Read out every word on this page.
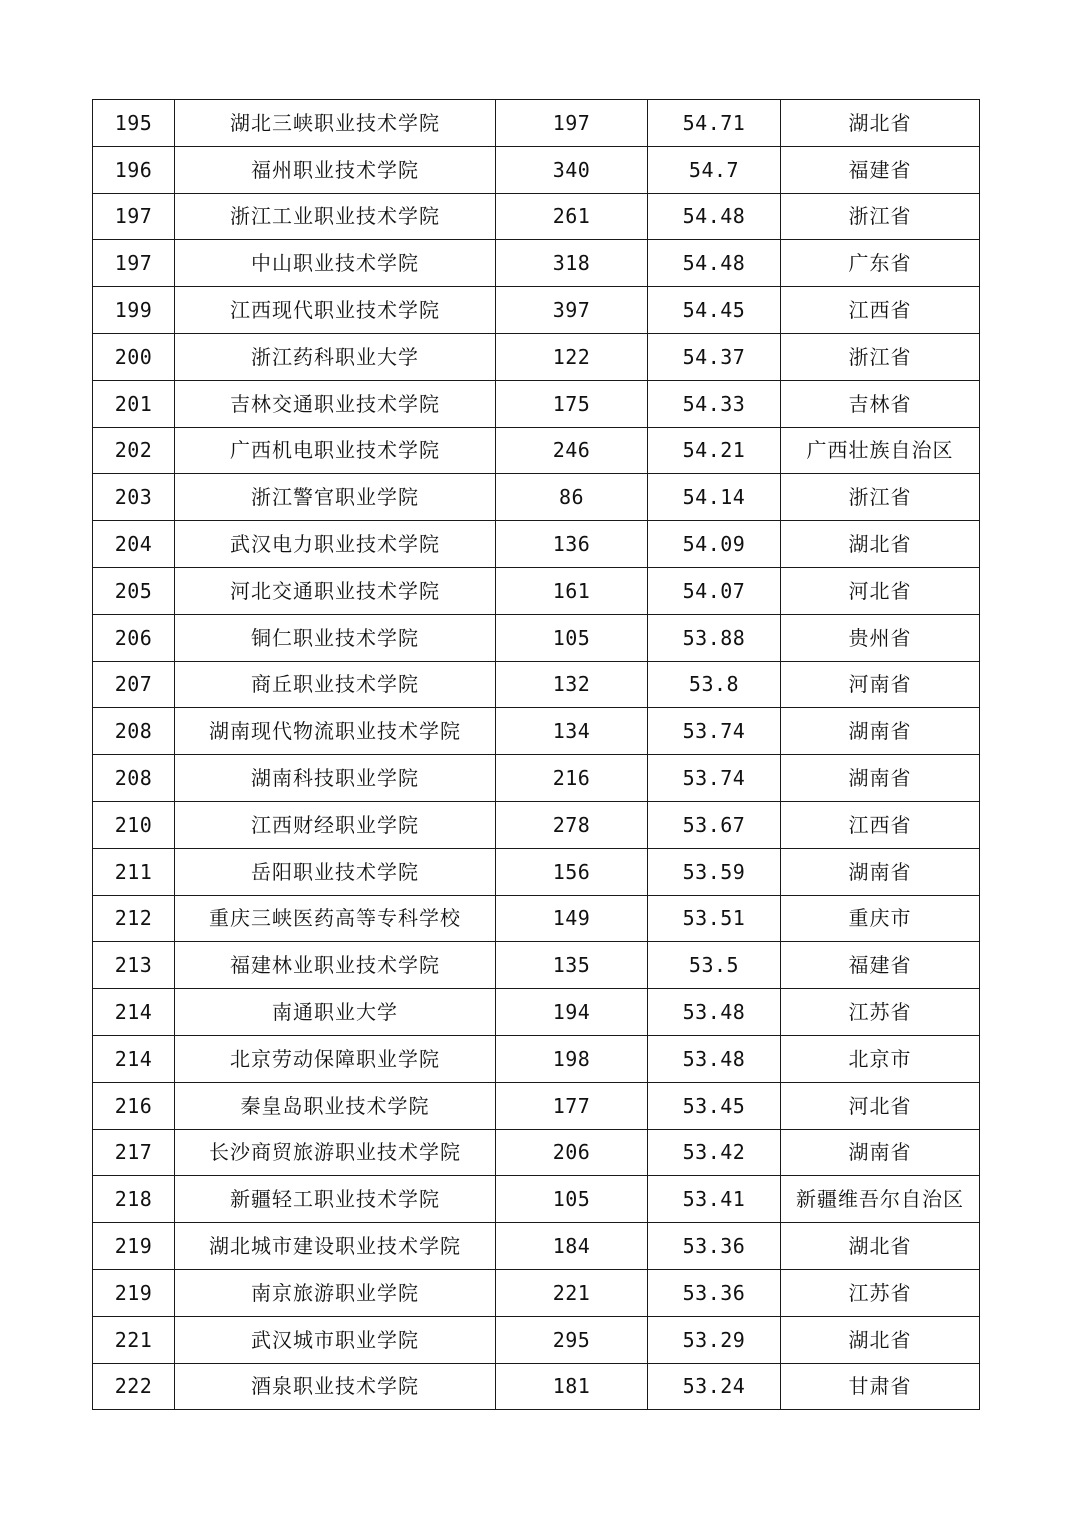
195	湖北三峡职业技术学院	197	54.71	湖北省
196	福州职业技术学院	340	54.7	福建省
197	浙江工业职业技术学院	261	54.48	浙江省
197	中山职业技术学院	318	54.48	广东省
199	江西现代职业技术学院	397	54.45	江西省
200	浙江药科职业大学	122	54.37	浙江省
201	吉林交通职业技术学院	175	54.33	吉林省
202	广西机电职业技术学院	246	54.21	广西壮族自治区
203	浙江警官职业学院	86	54.14	浙江省
204	武汉电力职业技术学院	136	54.09	湖北省
205	河北交通职业技术学院	161	54.07	河北省
206	铜仁职业技术学院	105	53.88	贵州省
207	商丘职业技术学院	132	53.8	河南省
208	湖南现代物流职业技术学院	134	53.74	湖南省
208	湖南科技职业学院	216	53.74	湖南省
210	江西财经职业学院	278	53.67	江西省
211	岳阳职业技术学院	156	53.59	湖南省
212	重庆三峡医药高等专科学校	149	53.51	重庆市
213	福建林业职业技术学院	135	53.5	福建省
214	南通职业大学	194	53.48	江苏省
214	北京劳动保障职业学院	198	53.48	北京市
216	秦皇岛职业技术学院	177	53.45	河北省
217	长沙商贸旅游职业技术学院	206	53.42	湖南省
218	新疆轻工职业技术学院	105	53.41	新疆维吾尔自治区
219	湖北城市建设职业技术学院	184	53.36	湖北省
219	南京旅游职业学院	221	53.36	江苏省
221	武汉城市职业学院	295	53.29	湖北省
222	酒泉职业技术学院	181	53.24	甘肃省
